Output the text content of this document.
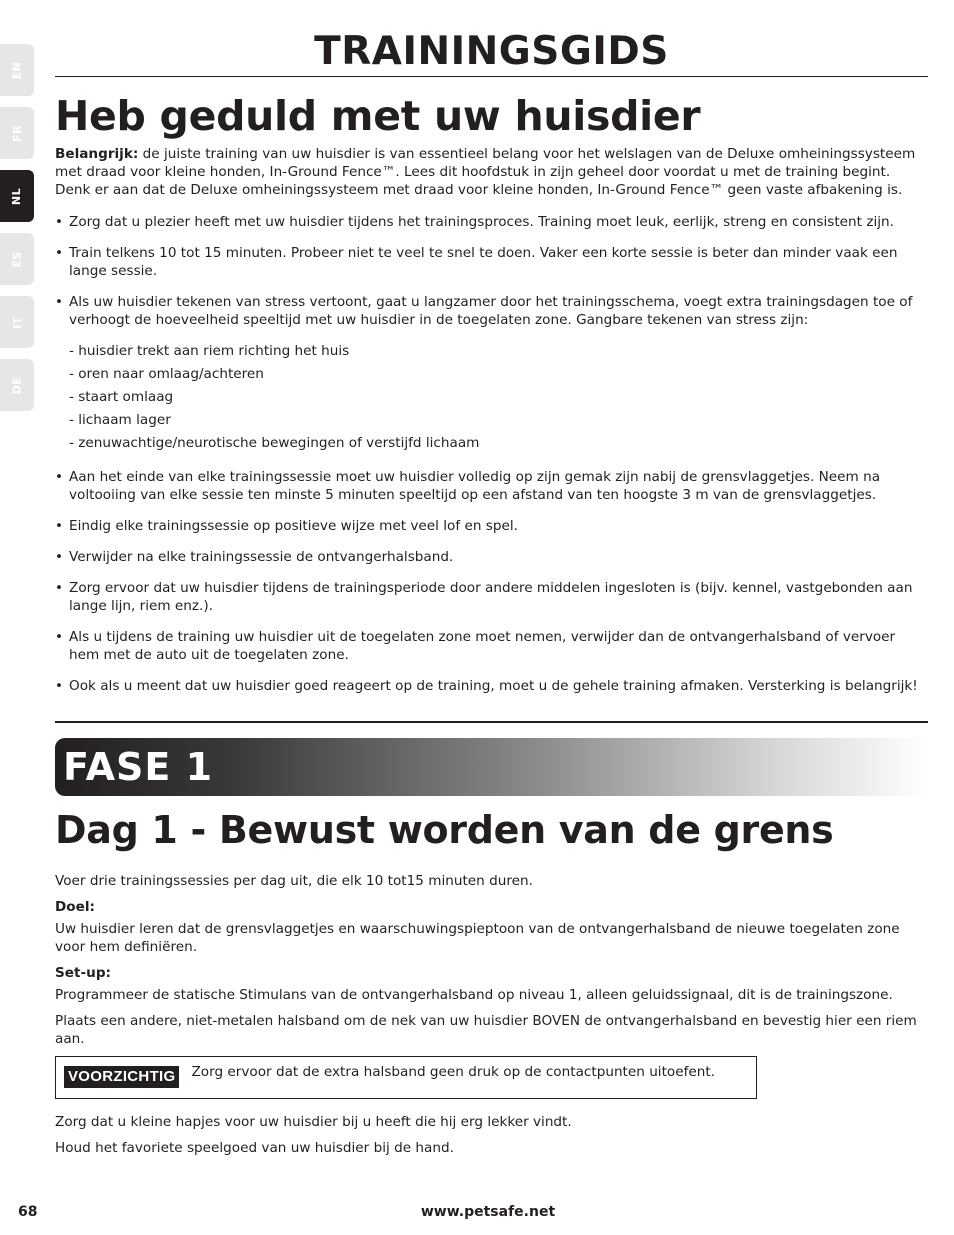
EN
FR
NL
ES
IT
DE
TRAININGSGIDS
Heb geduld met uw huisdier

Belangrijk: de juiste training van uw huisdier is van essentieel belang voor het welslagen van de Deluxe omheiningssysteem met draad voor kleine honden, In-Ground Fence™. Lees dit hoofdstuk in zijn geheel door voordat u met de training begint. Denk er aan dat de Deluxe omheiningssysteem met draad voor kleine honden, In-Ground Fence™ geen vaste afbakening is.

• Zorg dat u plezier heeft met uw huisdier tijdens het trainingsproces. Training moet leuk, eerlijk, streng en consistent zijn.
• Train telkens 10 tot 15 minuten. Probeer niet te veel te snel te doen. Vaker een korte sessie is beter dan minder vaak een lange sessie.
• Als uw huisdier tekenen van stress vertoont, gaat u langzamer door het trainingsschema, voegt extra trainingsdagen toe of verhoogt de hoeveelheid speeltijd met uw huisdier in de toegelaten zone. Gangbare tekenen van stress zijn:
- huisdier trekt aan riem richting het huis
- oren naar omlaag/achteren
- staart omlaag
- lichaam lager
- zenuwachtige/neurotische bewegingen of verstijfd lichaam
• Aan het einde van elke trainingssessie moet uw huisdier volledig op zijn gemak zijn nabij de grensvlaggetjes. Neem na voltooiing van elke sessie ten minste 5 minuten speeltijd op een afstand van ten hoogste 3 m van de grensvlaggetjes.
• Eindig elke trainingssessie op positieve wijze met veel lof en spel.
• Verwijder na elke trainingssessie de ontvangerhalsband.
• Zorg ervoor dat uw huisdier tijdens de trainingsperiode door andere middelen ingesloten is (bijv. kennel, vastgebonden aan lange lijn, riem enz.).
• Als u tijdens de training uw huisdier uit de toegelaten zone moet nemen, verwijder dan de ontvangerhalsband of vervoer hem met de auto uit de toegelaten zone.
• Ook als u meent dat uw huisdier goed reageert op de training, moet u de gehele training afmaken. Versterking is belangrijk!
FASE 1
Dag 1 - Bewust worden van de grens

Voer drie trainingssessies per dag uit, die elk 10 tot15 minuten duren.

Doel:

Uw huisdier leren dat de grensvlaggetjes en waarschuwingspieptoon van de ontvangerhalsband de nieuwe toegelaten zone voor hem definiëren.

Set-up:

Programmeer de statische Stimulans van de ontvangerhalsband op niveau 1, alleen geluidssignaal, dit is de trainingszone.

Plaats een andere, niet-metalen halsband om de nek van uw huisdier BOVEN de ontvangerhalsband en bevestig hier een riem aan.

VOORZICHTIG Zorg ervoor dat de extra halsband geen druk op de contactpunten uitoefent.

Zorg dat u kleine hapjes voor uw huisdier bij u heeft die hij erg lekker vindt.

Houd het favoriete speelgoed van uw huisdier bij de hand.

68	www.petsafe.net
